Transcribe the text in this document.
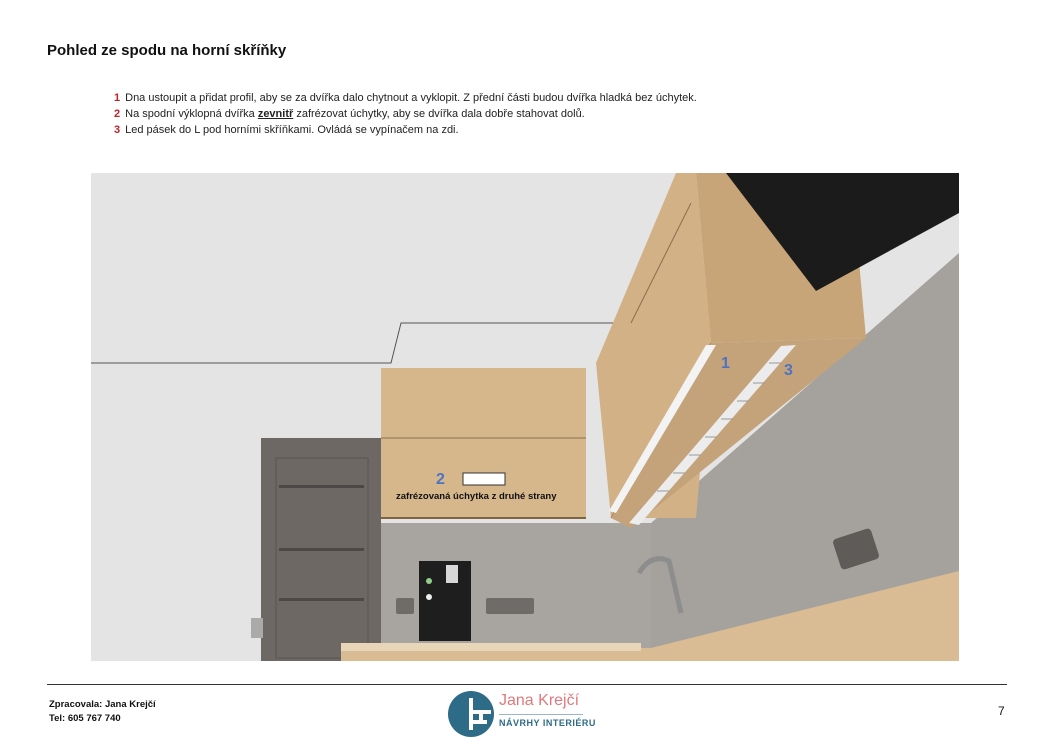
Pohled ze spodu na horní skříňky
1 Dna ustoupit a přidat profil, aby se za dvířka dalo chytnout a vyklopit. Z přední části budou dvířka hladká bez úchytek.
2 Na spodní výklopná dvířka zevnitř zafrézovat úchytky, aby se dvířka dala dobře stahovat dolů.
3 Led pásek do L pod horními skříňkami. Ovládá se vypínačem na zdi.
1
2
3
zafrézovaná úchytka z druhé strany
Zpracovala: Jana Krejčí
Tel: 605 767 740
Jana Krejčí
NÁVRHY INTERIÉRU
7
